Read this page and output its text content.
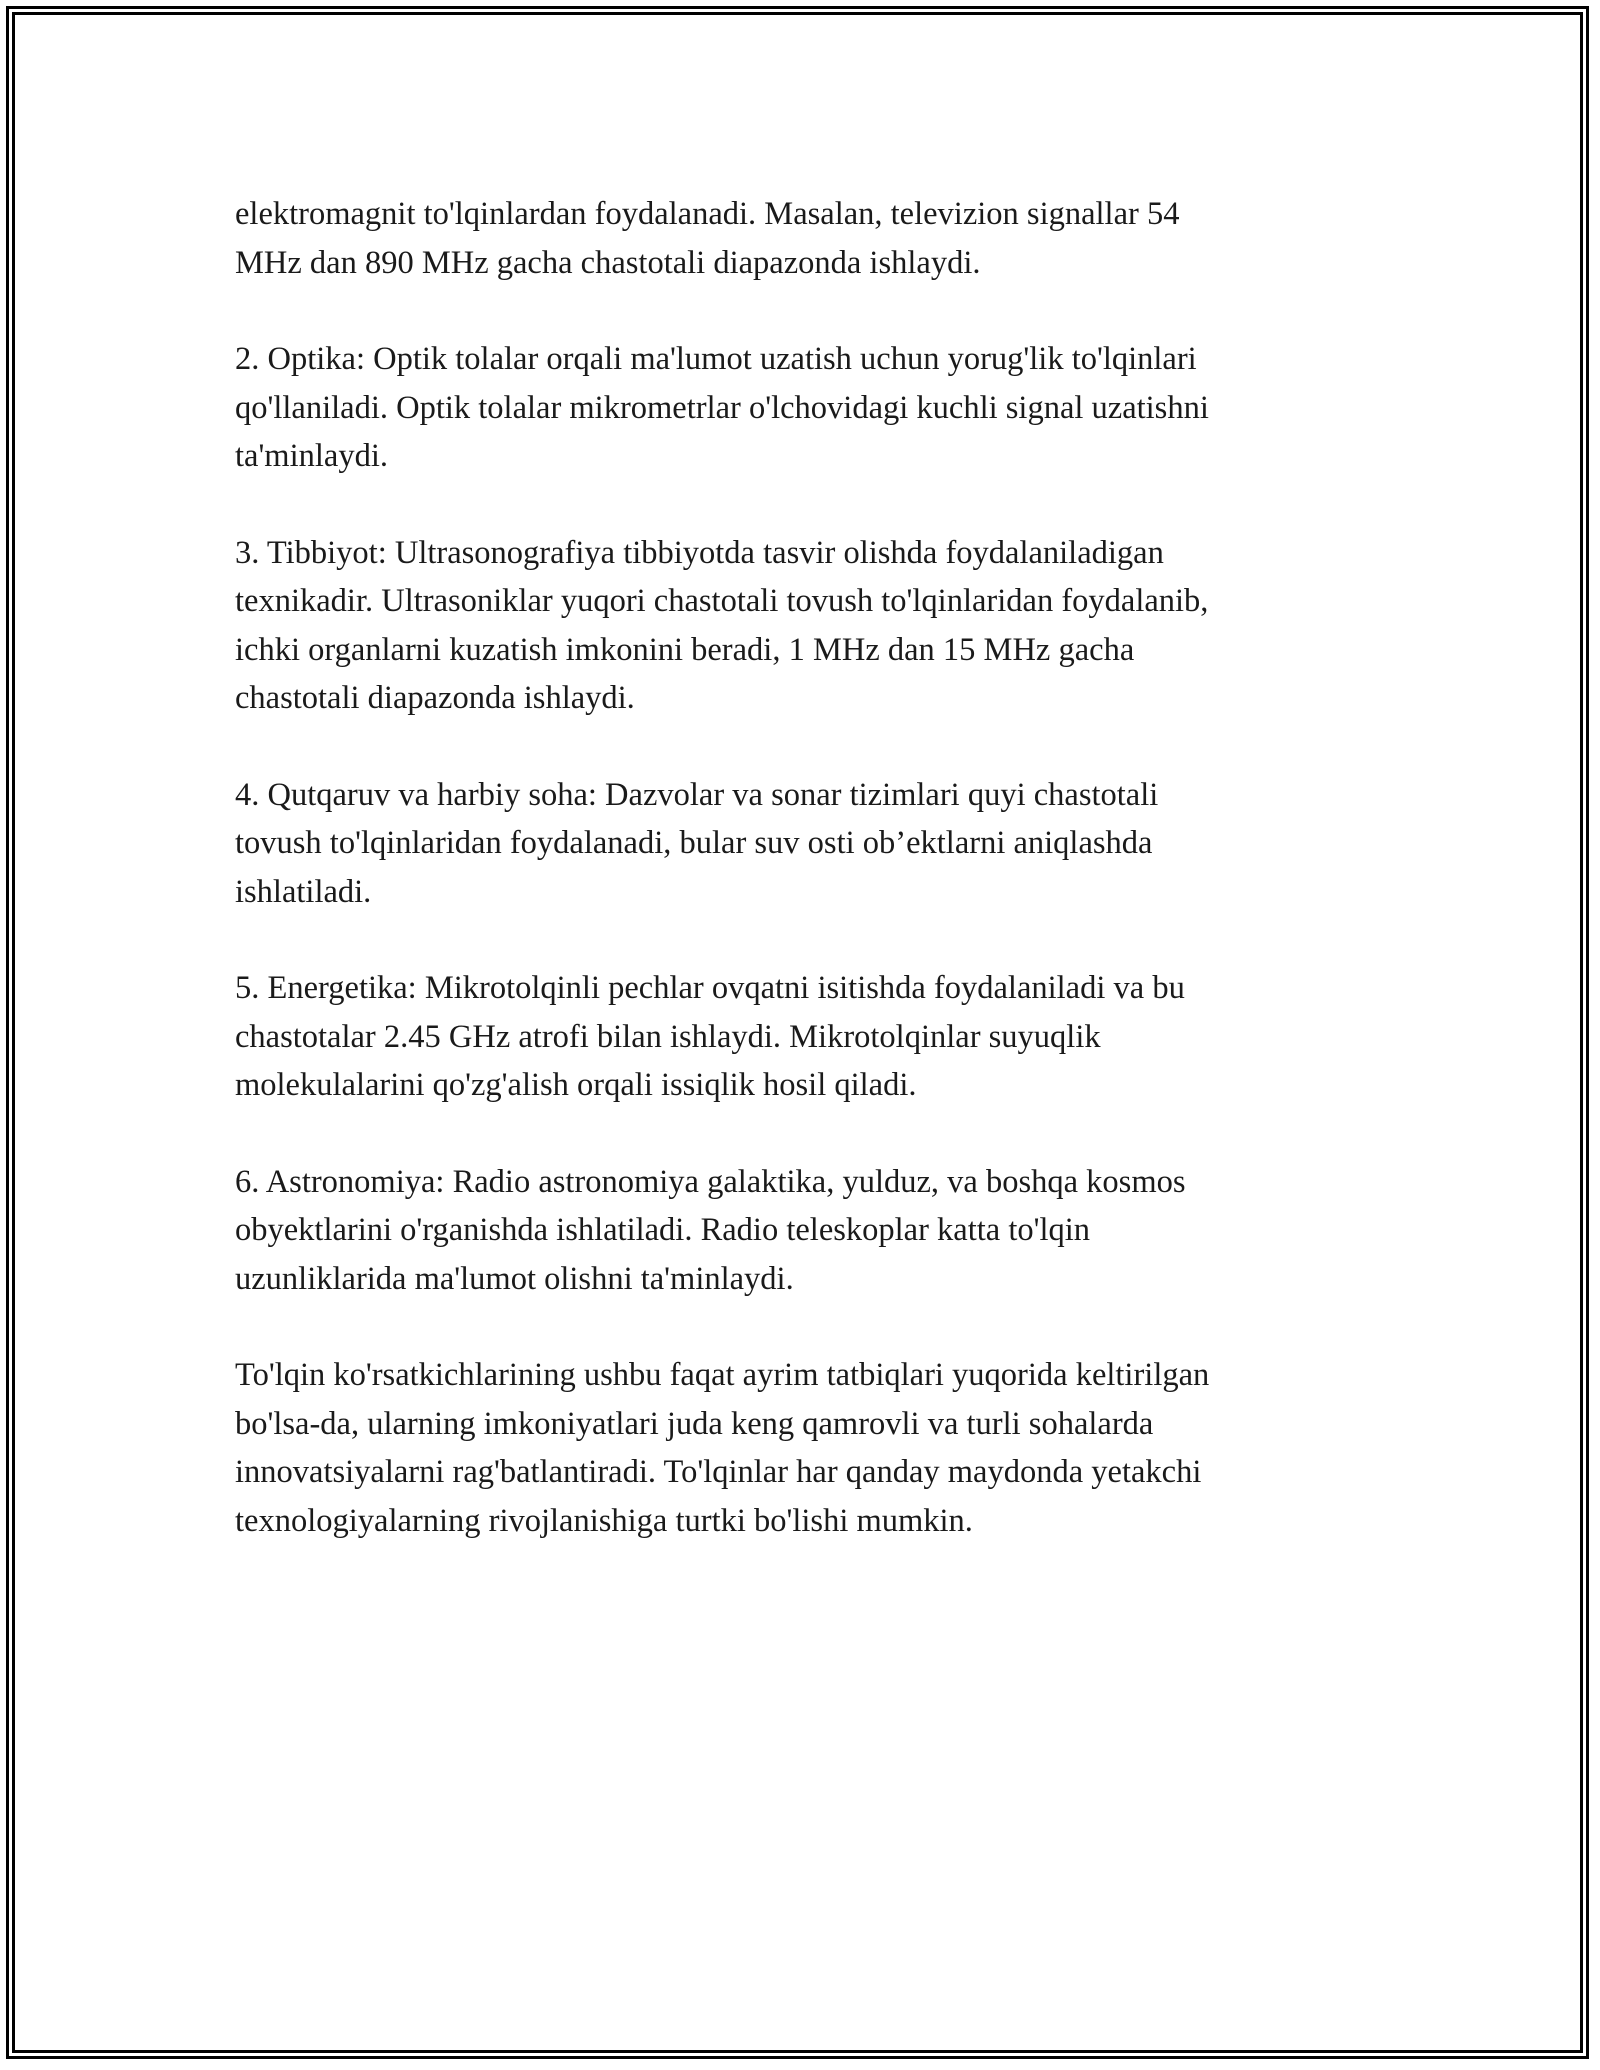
elektromagnit to'lqinlardan foydalanadi. Masalan, televizion signallar 54
MHz dan 890 MHz gacha chastotali diapazonda ishlaydi.

2. Optika: Optik tolalar orqali ma'lumot uzatish uchun yorug'lik to'lqinlari
qo'llaniladi. Optik tolalar mikrometrlar o'lchovidagi kuchli signal uzatishni
ta'minlaydi.

3. Tibbiyot: Ultrasonografiya tibbiyotda tasvir olishda foydalaniladigan
texnikadir. Ultrasoniklar yuqori chastotali tovush to'lqinlaridan foydalanib,
ichki organlarni kuzatish imkonini beradi, 1 MHz dan 15 MHz gacha
chastotali diapazonda ishlaydi.

4. Qutqaruv va harbiy soha: Dazvolar va sonar tizimlari quyi chastotali
tovush to'lqinlaridan foydalanadi, bular suv osti ob’ektlarni aniqlashda
ishlatiladi.

5. Energetika: Mikrotolqinli pechlar ovqatni isitishda foydalaniladi va bu
chastotalar 2.45 GHz atrofi bilan ishlaydi. Mikrotolqinlar suyuqlik
molekulalarini qo'zg'alish orqali issiqlik hosil qiladi.

6. Astronomiya: Radio astronomiya galaktika, yulduz, va boshqa kosmos
obyektlarini o'rganishda ishlatiladi. Radio teleskoplar katta to'lqin
uzunliklarida ma'lumot olishni ta'minlaydi.

To'lqin ko'rsatkichlarining ushbu faqat ayrim tatbiqlari yuqorida keltirilgan
bo'lsa-da, ularning imkoniyatlari juda keng qamrovli va turli sohalarda
innovatsiyalarni rag'batlantiradi. To'lqinlar har qanday maydonda yetakchi
texnologiyalarning rivojlanishiga turtki bo'lishi mumkin.
